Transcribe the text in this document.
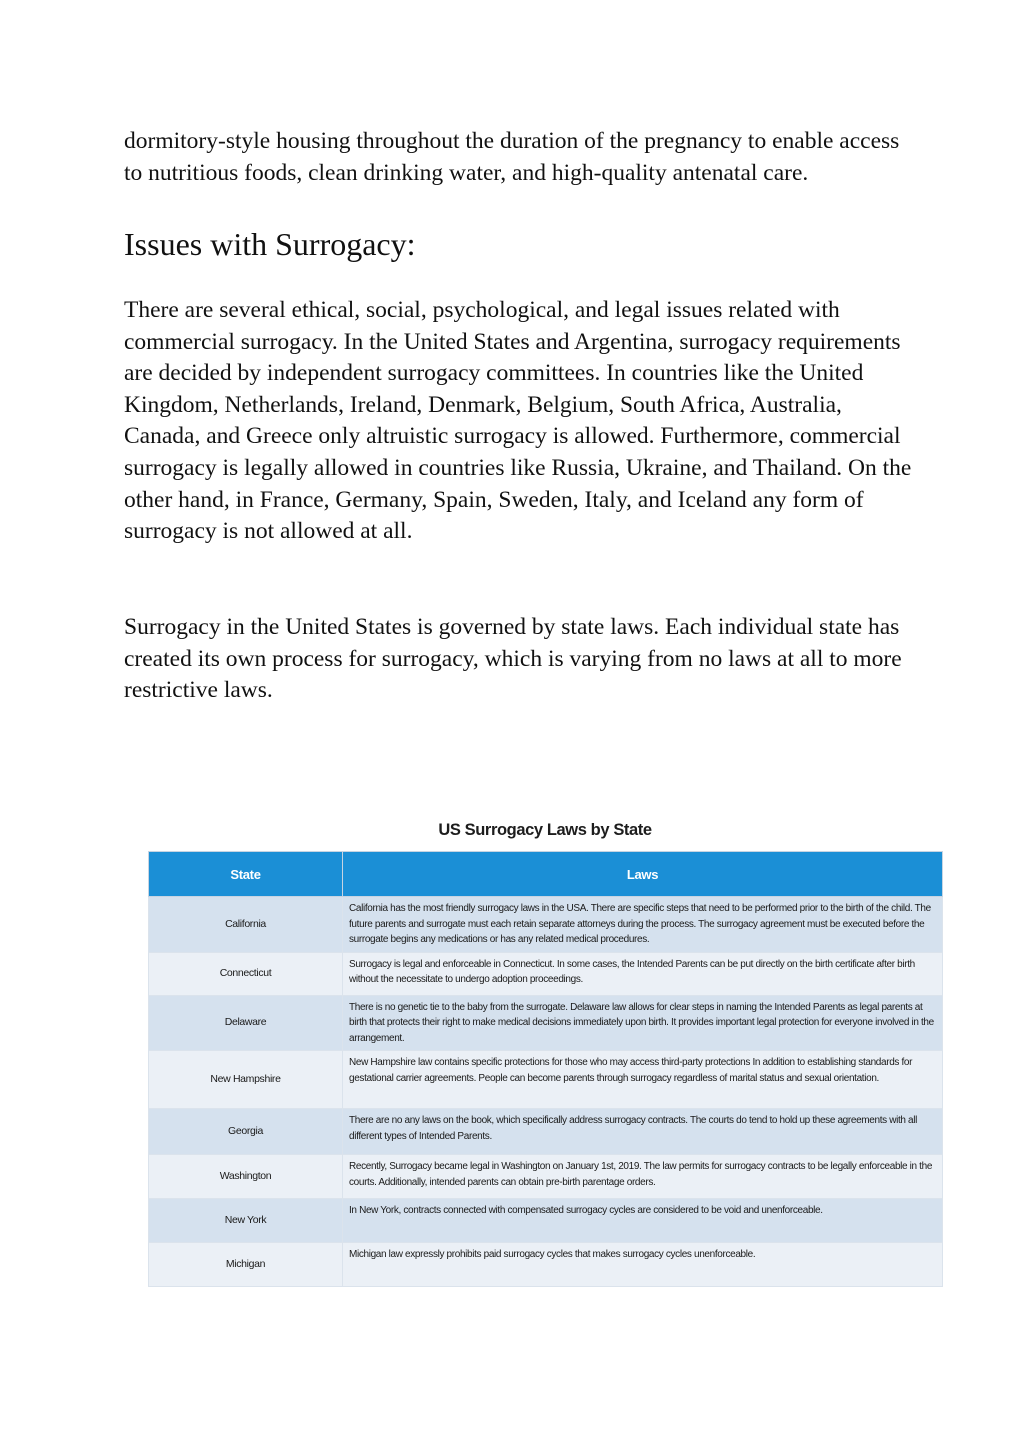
dormitory-style housing throughout the duration of the pregnancy to enable access to nutritious foods, clean drinking water, and high-quality antenatal care.

Issues with Surrogacy:

There are several ethical, social, psychological, and legal issues related with commercial surrogacy. In the United States and Argentina, surrogacy requirements are decided by independent surrogacy committees. In countries like the United Kingdom, Netherlands, Ireland, Denmark, Belgium, South Africa, Australia, Canada, and Greece only altruistic surrogacy is allowed. Furthermore, commercial surrogacy is legally allowed in countries like Russia, Ukraine, and Thailand. On the other hand, in France, Germany, Spain, Sweden, Italy, and Iceland any form of surrogacy is not allowed at all.

Surrogacy in the United States is governed by state laws. Each individual state has created its own process for surrogacy, which is varying from no laws at all to more restrictive laws.

US Surrogacy Laws by State
State	Laws
California	California has the most friendly surrogacy laws in the USA. There are specific steps that need to be performed prior to the birth of the child. The future parents and surrogate must each retain separate attorneys during the process. The surrogacy agreement must be executed before the surrogate begins any medications or has any related medical procedures.
Connecticut	Surrogacy is legal and enforceable in Connecticut. In some cases, the Intended Parents can be put directly on the birth certificate after birth without the necessitate to undergo adoption proceedings.
Delaware	There is no genetic tie to the baby from the surrogate. Delaware law allows for clear steps in naming the Intended Parents as legal parents at birth that protects their right to make medical decisions immediately upon birth. It provides important legal protection for everyone involved in the arrangement.
New Hampshire	New Hampshire law contains specific protections for those who may access third-party protections In addition to establishing standards for gestational carrier agreements. People can become parents through surrogacy regardless of marital status and sexual orientation.
Georgia	There are no any laws on the book, which specifically address surrogacy contracts. The courts do tend to hold up these agreements with all different types of Intended Parents.
Washington	Recently, Surrogacy became legal in Washington on January 1st, 2019. The law permits for surrogacy contracts to be legally enforceable in the courts. Additionally, intended parents can obtain pre-birth parentage orders.
New York	In New York, contracts connected with compensated surrogacy cycles are considered to be void and unenforceable.
Michigan	Michigan law expressly prohibits paid surrogacy cycles that makes surrogacy cycles unenforceable.
